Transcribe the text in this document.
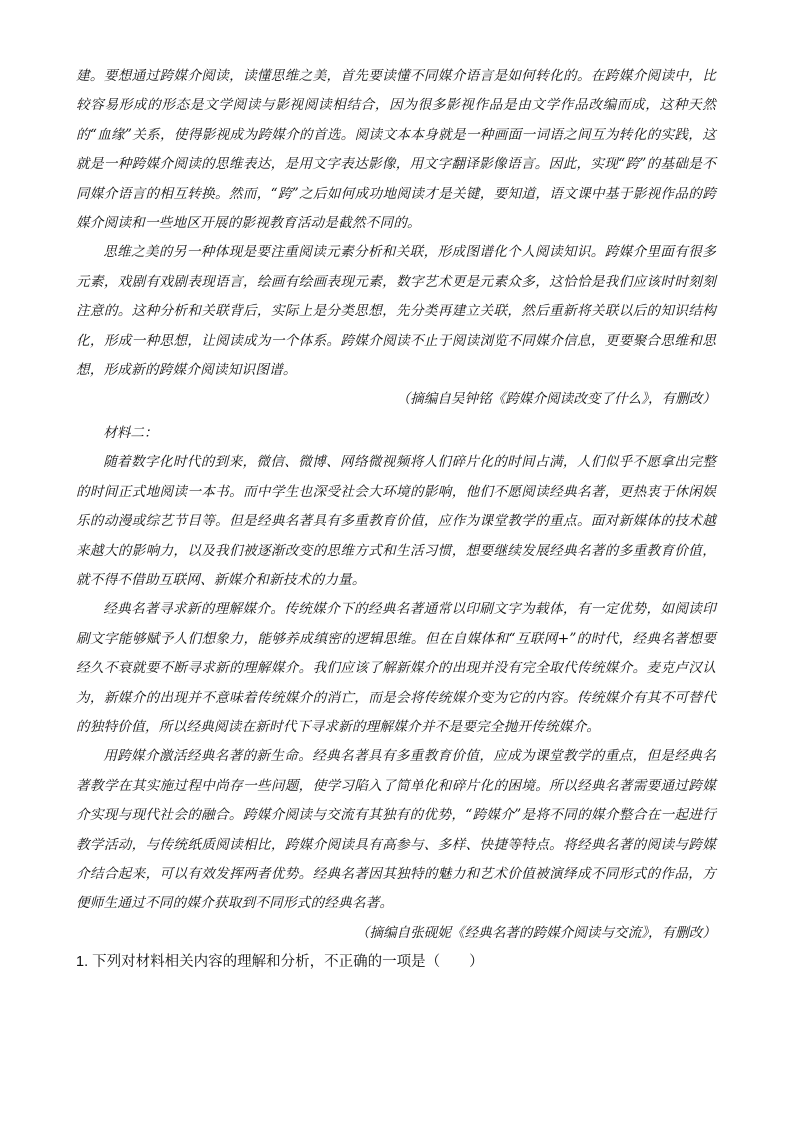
建。要想通过跨媒介阅读，读懂思维之美，首先要读懂不同媒介语言是如何转化的。在跨媒介阅读中，比较容易形成的形态是文学阅读与影视阅读相结合，因为很多影视作品是由文学作品改编而成，这种天然的“血缘”关系，使得影视成为跨媒介的首选。阅读文本本身就是一种画面一词语之间互为转化的实践，这就是一种跨媒介阅读的思维表达，是用文字表达影像，用文字翻译影像语言。因此，实现“跨”的基础是不同媒介语言的相互转换。然而，“跨”之后如何成功地阅读才是关键，要知道，语文课中基于影视作品的跨媒介阅读和一些地区开展的影视教育活动是截然不同的。

思维之美的另一种体现是要注重阅读元素分析和关联，形成图谱化个人阅读知识。跨媒介里面有很多元素，戏剧有戏剧表现语言，绘画有绘画表现元素，数字艺术更是元素众多，这恰恰是我们应该时时刻刻注意的。这种分析和关联背后，实际上是分类思想，先分类再建立关联，然后重新将关联以后的知识结构化，形成一种思想，让阅读成为一个体系。跨媒介阅读不止于阅读浏览不同媒介信息，更要聚合思维和思想，形成新的跨媒介阅读知识图谱。

（摘编自吴钟铭《跨媒介阅读改变了什么》，有删改）

材料二：

随着数字化时代的到来，微信、微博、网络微视频将人们碎片化的时间占满，人们似乎不愿拿出完整的时间正式地阅读一本书。而中学生也深受社会大环境的影响，他们不愿阅读经典名著，更热衷于休闲娱乐的动漫或综艺节目等。但是经典名著具有多重教育价值，应作为课堂教学的重点。面对新媒体的技术越来越大的影响力，以及我们被逐渐改变的思维方式和生活习惯，想要继续发展经典名著的多重教育价值，就不得不借助互联网、新媒介和新技术的力量。

经典名著寻求新的理解媒介。传统媒介下的经典名著通常以印刷文字为载体，有一定优势，如阅读印刷文字能够赋予人们想象力，能够养成缜密的逻辑思维。但在自媒体和“互联网+”的时代，经典名著想要经久不衰就要不断寻求新的理解媒介。我们应该了解新媒介的出现并没有完全取代传统媒介。麦克卢汉认为，新媒介的出现并不意味着传统媒介的消亡，而是会将传统媒介变为它的内容。传统媒介有其不可替代的独特价值，所以经典阅读在新时代下寻求新的理解媒介并不是要完全抛开传统媒介。

用跨媒介激活经典名著的新生命。经典名著具有多重教育价值，应成为课堂教学的重点，但是经典名著教学在其实施过程中尚存一些问题，使学习陷入了简单化和碎片化的困境。所以经典名著需要通过跨媒介实现与现代社会的融合。跨媒介阅读与交流有其独有的优势，“跨媒介”是将不同的媒介整合在一起进行教学活动，与传统纸质阅读相比，跨媒介阅读具有高参与、多样、快捷等特点。将经典名著的阅读与跨媒介结合起来，可以有效发挥两者优势。经典名著因其独特的魅力和艺术价值被演绎成不同形式的作品，方便师生通过不同的媒介获取到不同形式的经典名著。

（摘编自张砚妮《经典名著的跨媒介阅读与交流》，有删改）

1. 下列对材料相关内容的理解和分析，不正确的一项是（　　）
